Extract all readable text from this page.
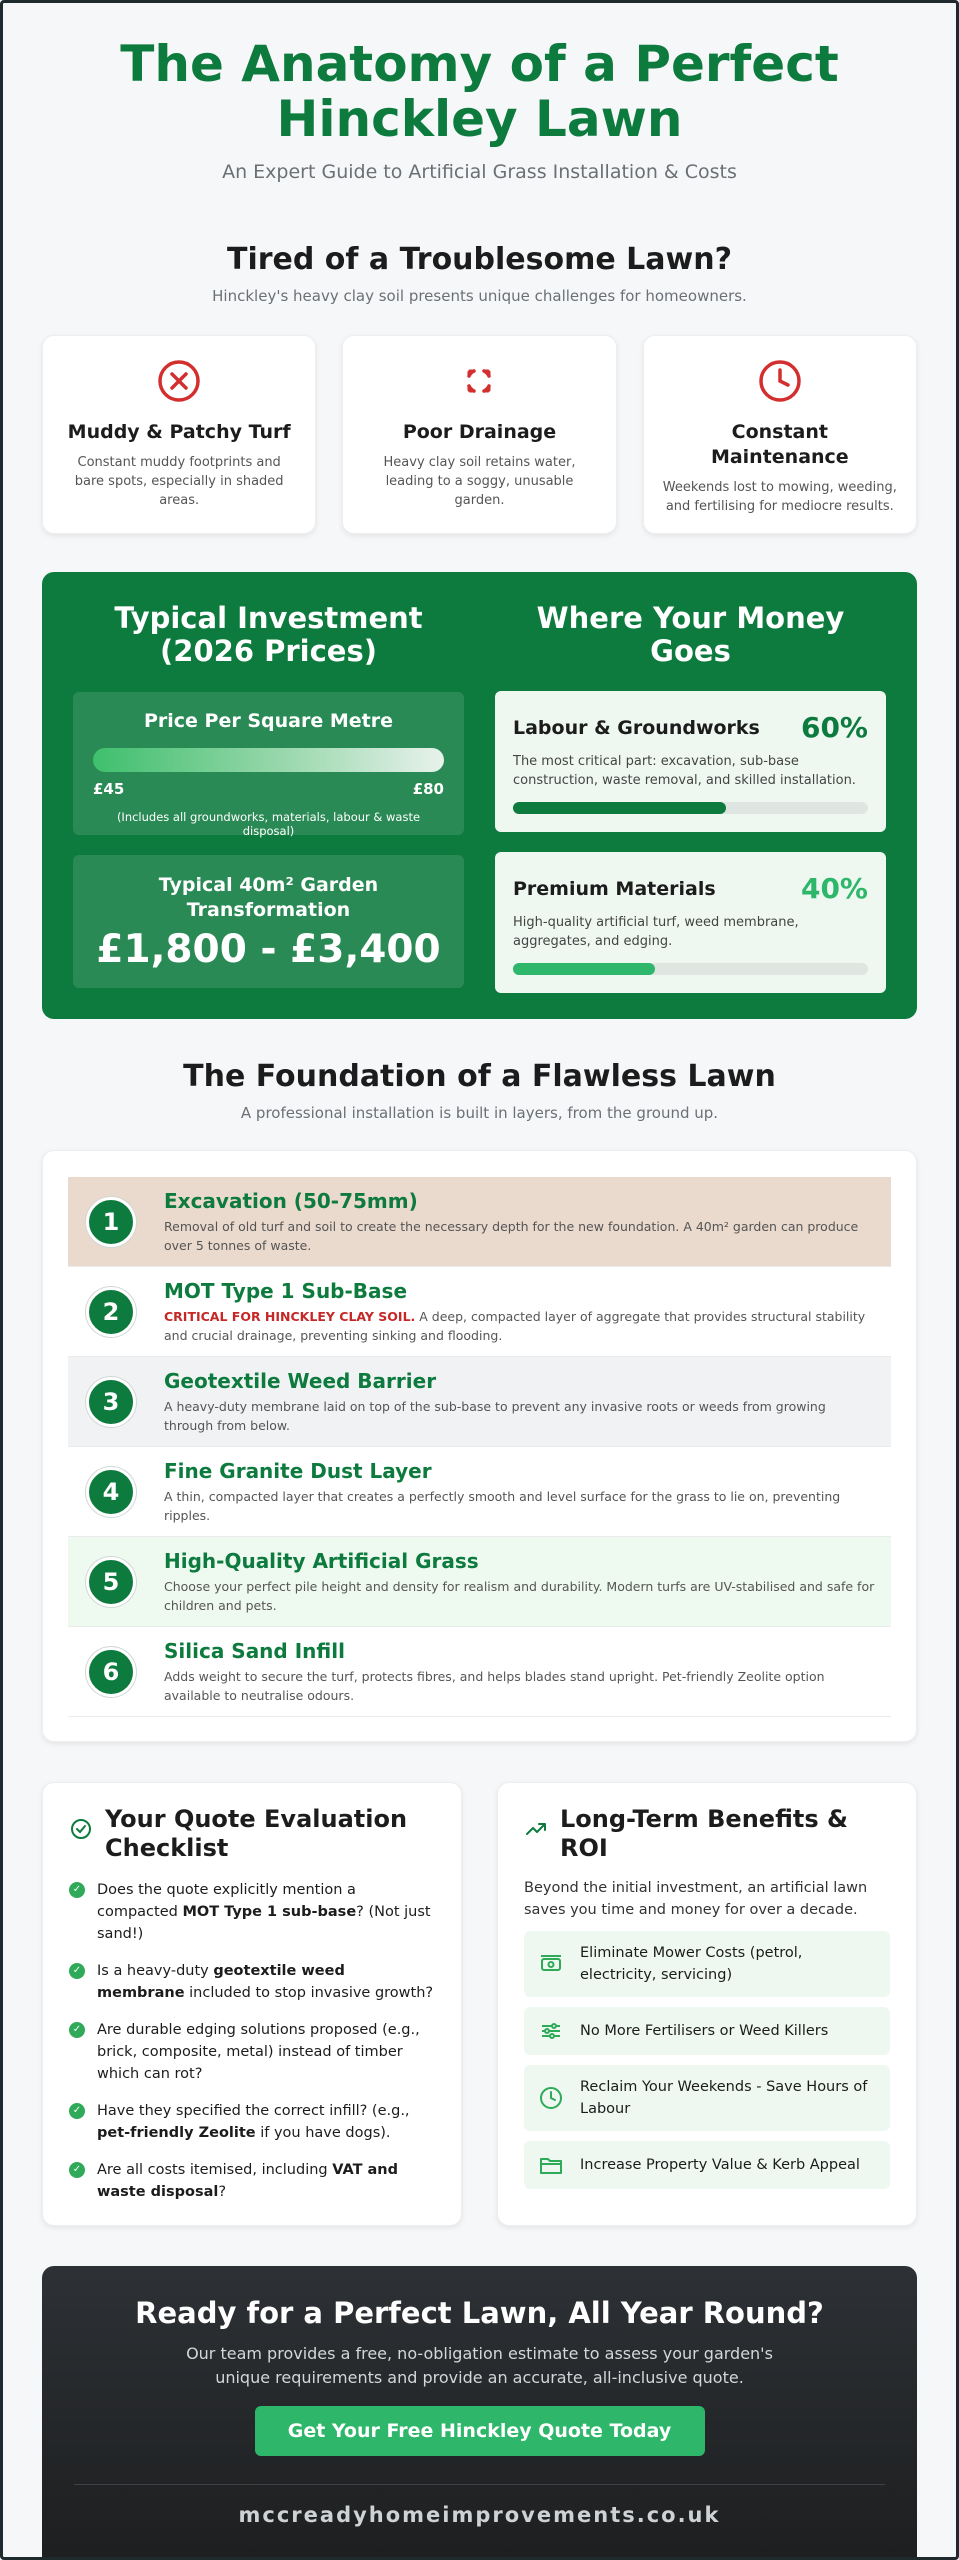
The Anatomy of a Perfect
Hinckley Lawn
An Expert Guide to Artificial Grass Installation & Costs
Tired of a Troublesome Lawn?
Hinckley's heavy clay soil presents unique challenges for homeowners.
Muddy & Patchy Turf

Constant muddy footprints and bare spots, especially in shaded areas.

Poor Drainage

Heavy clay soil retains water, leading to a soggy, unusable garden.

Constant Maintenance

Weekends lost to mowing, weeding, and fertilising for mediocre results.

Typical Investment
(2026 Prices)
Price Per Square Metre
£45	£80
(Includes all groundworks, materials, labour & waste disposal)
Typical 40m² Garden
Transformation
£1,800 - £3,400
Where Your Money
Goes
Labour & Groundworks 60%

The most critical part: excavation, sub-base
construction, waste removal, and skilled installation.

Premium Materials	40%

High-quality artificial turf, weed membrane,
aggregates, and edging.

The Foundation of a Flawless Lawn
A professional installation is built in layers, from the ground up.
1
Excavation (50-75mm)

Removal of old turf and soil to create the necessary depth for the new foundation. A 40m² garden can produce over 5 tonnes of waste.

2
MOT Type 1 Sub-Base

CRITICAL FOR HINCKLEY CLAY SOIL. A deep, compacted layer of aggregate that provides structural stability and crucial drainage, preventing sinking and flooding.

3
Geotextile Weed Barrier

A heavy-duty membrane laid on top of the sub-base to prevent any invasive roots or weeds from growing through from below.

4
Fine Granite Dust Layer

A thin, compacted layer that creates a perfectly smooth and level surface for the grass to lie on, preventing ripples.

5
High-Quality Artificial Grass

Choose your perfect pile height and density for realism and durability. Modern turfs are UV-stabilised and safe for children and pets.

6
Silica Sand Infill

Adds weight to secure the turf, protects fibres, and helps blades stand upright. Pet-friendly Zeolite option available to neutralise odours.

Your Quote Evaluation Checklist
✓ Does the quote explicitly mention a compacted MOT Type 1 sub-base? (Not just sand!)
✓ Is a heavy-duty geotextile weed membrane included to stop invasive growth?
✓ Are durable edging solutions proposed (e.g., brick, composite, metal) instead of timber which can rot?
✓ Have they specified the correct infill? (e.g., pet-friendly Zeolite if you have dogs).
✓ Are all costs itemised, including VAT and waste disposal?
Long-Term Benefits & ROI

Beyond the initial investment, an artificial lawn saves you time and money for over a decade.

Eliminate Mower Costs (petrol, electricity, servicing)
No More Fertilisers or Weed Killers
Reclaim Your Weekends - Save Hours of Labour
Increase Property Value & Kerb Appeal
Ready for a Perfect Lawn, All Year Round?

Our team provides a free, no-obligation estimate to assess your garden's
unique requirements and provide an accurate, all-inclusive quote.

Get Your Free Hinckley Quote Today
mccreadyhomeimprovements.co.uk
